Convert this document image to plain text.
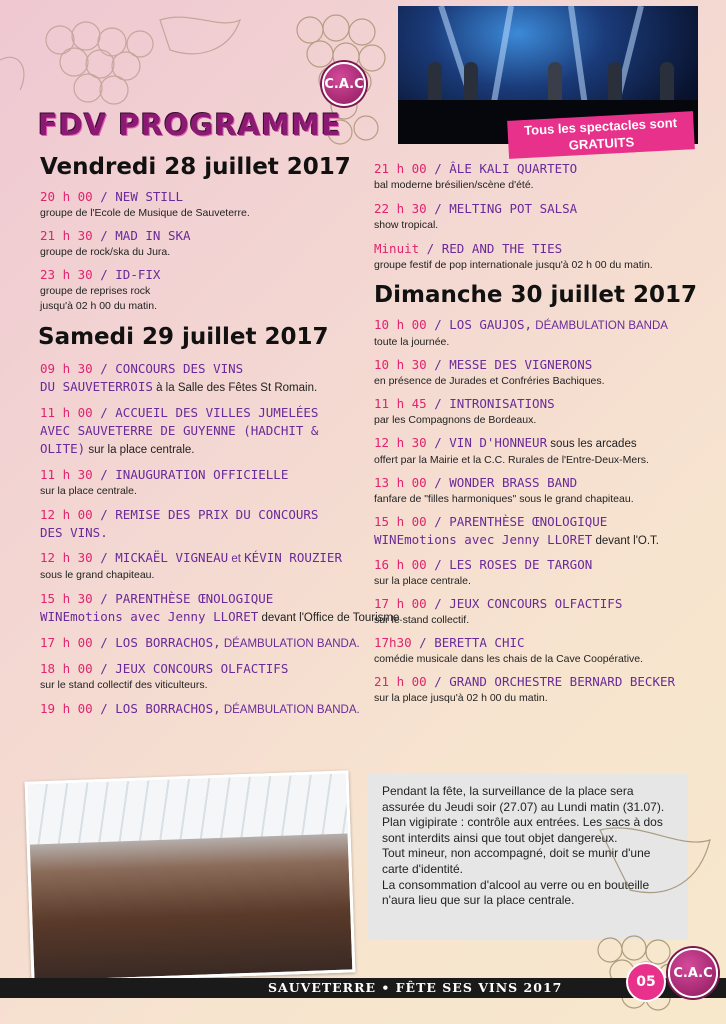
C.A.C
Tous les spectacles sont
GRATUITS
FDV PROGRAMME
Vendredi 28 juillet 2017
20 h 00 / NEW STILL
groupe de l'Ecole de Musique de Sauveterre.
21 h 30 / MAD IN SKA
groupe de rock/ska du Jura.
23 h 30 / ID-FIX
groupe de reprises rock
jusqu'à 02 h 00 du matin.
Samedi 29 juillet 2017
09 h 30 / CONCOURS DES VINS
DU SAUVETERROIS à la Salle des Fêtes St Romain.
11 h 00 / ACCUEIL DES VILLES JUMELÉES
AVEC SAUVETERRE DE GUYENNE (HADCHIT &
OLITE) sur la place centrale.
11 h 30 / INAUGURATION OFFICIELLE
sur la place centrale.
12 h 00 / REMISE DES PRIX DU CONCOURS
DES VINS.
12 h 30 / MICKAËL VIGNEAU et KÉVIN ROUZIER
sous le grand chapiteau.
15 h 30 / PARENTHÈSE ŒNOLOGIQUE
WINEmotions avec Jenny LLORET devant l'Office de Tourisme.
17 h 00 / LOS BORRACHOS, DÉAMBULATION BANDA.
18 h 00 / JEUX CONCOURS OLFACTIFS
sur le stand collectif des viticulteurs.
19 h 00 / LOS BORRACHOS, DÉAMBULATION BANDA.
21 h 00 / ÂLE KALI QUARTETO
bal moderne brésilien/scène d'été.
22 h 30 / MELTING POT SALSA
show tropical.
Minuit / RED AND THE TIES
groupe festif de pop internationale jusqu'à 02 h 00 du matin.
Dimanche 30 juillet 2017
10 h 00 / LOS GAUJOS, DÉAMBULATION BANDA
toute la journée.
10 h 30 / MESSE DES VIGNERONS
en présence de Jurades et Confréries Bachiques.
11 h 45 / INTRONISATIONS
par les Compagnons de Bordeaux.
12 h 30 / VIN D'HONNEUR sous les arcades
offert par la Mairie et la C.C. Rurales de l'Entre-Deux-Mers.
13 h 00 / WONDER BRASS BAND
fanfare de "filles harmoniques" sous le grand chapiteau.
15 h 00 / PARENTHÈSE ŒNOLOGIQUE
WINEmotions avec Jenny LLORET devant l'O.T.
16 h 00 / LES ROSES DE TARGON
sur la place centrale.
17 h 00 / JEUX CONCOURS OLFACTIFS
sur le stand collectif.
17h30 / BERETTA CHIC
comédie musicale dans les chais de la Cave Coopérative.
21 h 00 / GRAND ORCHESTRE BERNARD BECKER
sur la place jusqu'à 02 h 00 du matin.

Pendant la fête, la surveillance de la place sera assurée du Jeudi soir (27.07) au Lundi matin (31.07).

Plan vigipirate : contrôle aux entrées. Les sacs à dos sont interdits ainsi que tout objet dangereux.

Tout mineur, non accompagné, doit se munir d'une carte d'identité.

La consommation d'alcool au verre ou en bouteille n'aura lieu que sur la place centrale.

SAUVETERRE • FÊTE SES VINS 2017	05
C.A.C
